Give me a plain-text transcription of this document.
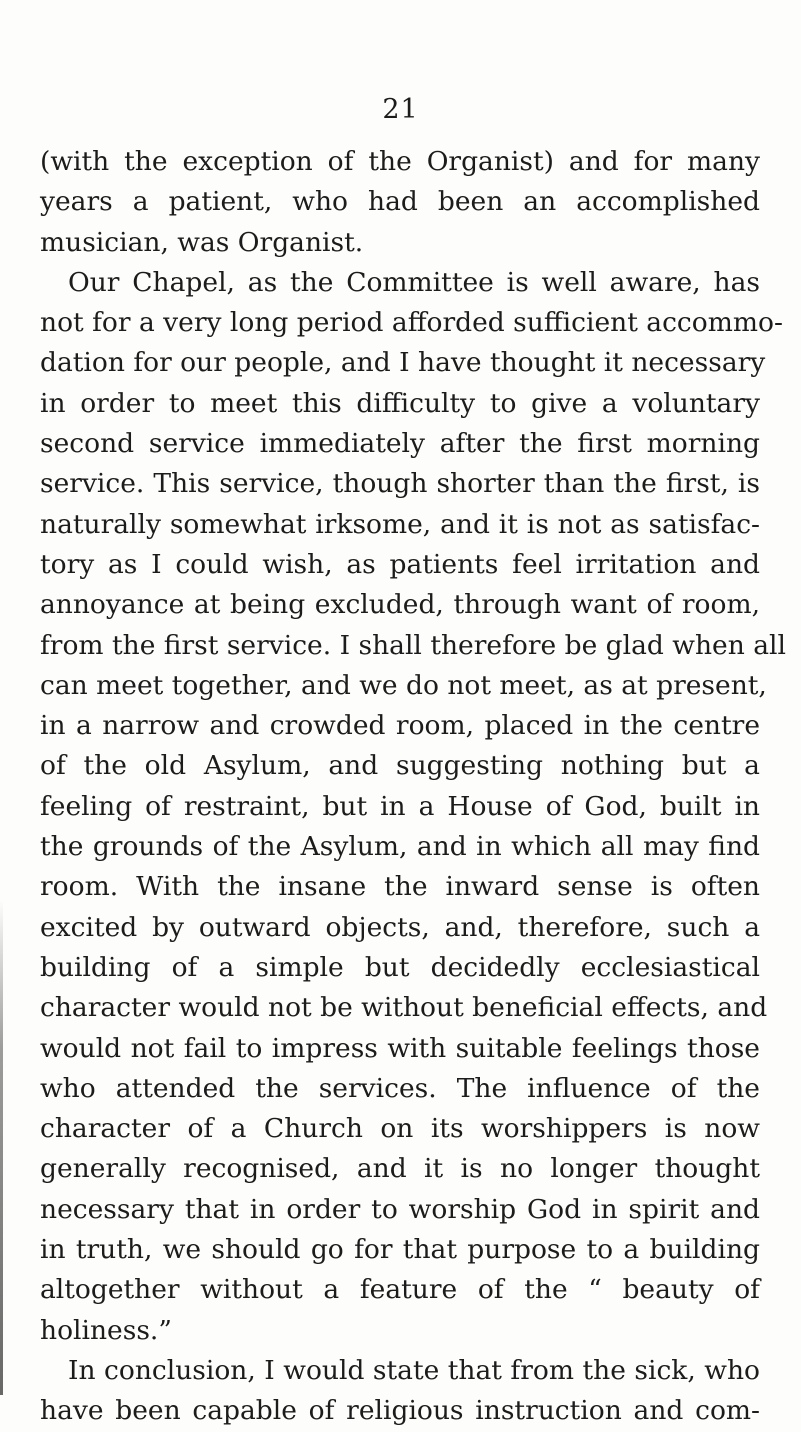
21
(with the exception of the Organist) and for many
years a patient, who had been an accomplished
musician, was Organist.
Our Chapel, as the Committee is well aware, has
not for a very long period afforded sufficient accommo-
dation for our people, and I have thought it necessary
in order to meet this difficulty to give a voluntary
second service immediately after the first morning
service. This service, though shorter than the first, is
naturally somewhat irksome, and it is not as satisfac-
tory as I could wish, as patients feel irritation and
annoyance at being excluded, through want of room,
from the first service. I shall therefore be glad when all
can meet together, and we do not meet, as at present,
in a narrow and crowded room, placed in the centre
of the old Asylum, and suggesting nothing but a
feeling of restraint, but in a House of God, built in
the grounds of the Asylum, and in which all may find
room. With the insane the inward sense is often
excited by outward objects, and, therefore, such a
building of a simple but decidedly ecclesiastical
character would not be without beneficial effects, and
would not fail to impress with suitable feelings those
who attended the services. The influence of the
character of a Church on its worshippers is now
generally recognised, and it is no longer thought
necessary that in order to worship God in spirit and
in truth, we should go for that purpose to a building
altogether without a feature of the “ beauty of
holiness.”
In conclusion, I would state that from the sick, who
have been capable of religious instruction and com-
